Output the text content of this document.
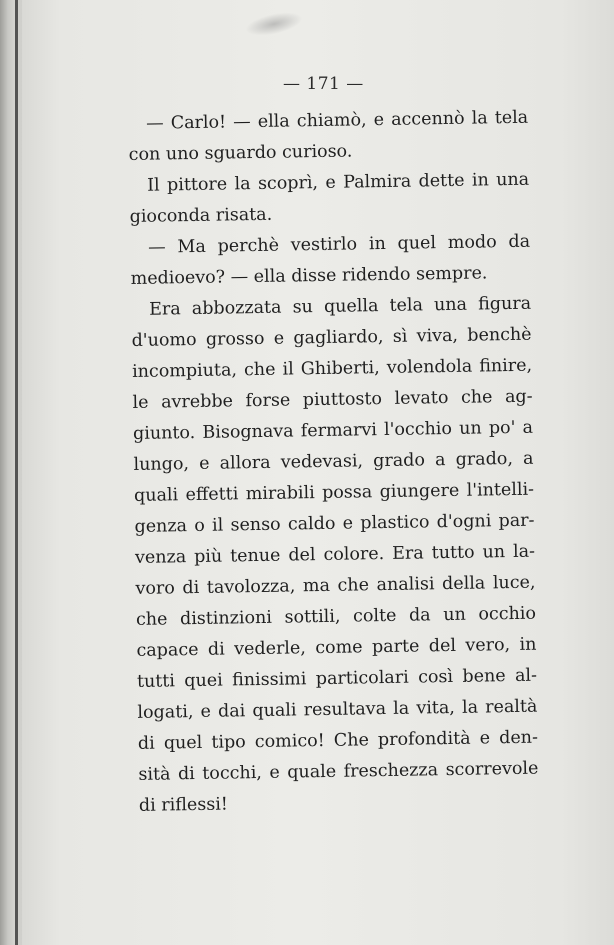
— 171 —
— Carlo! — ella chiamò, e accennò la tela
con uno sguardo curioso.
Il pittore la scoprì, e Palmira dette in una
gioconda risata.
— Ma perchè vestirlo in quel modo da
medioevo? — ella disse ridendo sempre.
Era abbozzata su quella tela una figura
d'uomo grosso e gagliardo, sì viva, benchè
incompiuta, che il Ghiberti, volendola finire,
le avrebbe forse piuttosto levato che ag-
giunto. Bisognava fermarvi l'occhio un po' a
lungo, e allora vedevasi, grado a grado, a
quali effetti mirabili possa giungere l'intelli-
genza o il senso caldo e plastico d'ogni par-
venza più tenue del colore. Era tutto un la-
voro di tavolozza, ma che analisi della luce,
che distinzioni sottili, colte da un occhio
capace di vederle, come parte del vero, in
tutti quei finissimi particolari così bene al-
logati, e dai quali resultava la vita, la realtà
di quel tipo comico! Che profondità e den-
sità di tocchi, e quale freschezza scorrevole
di riflessi!
